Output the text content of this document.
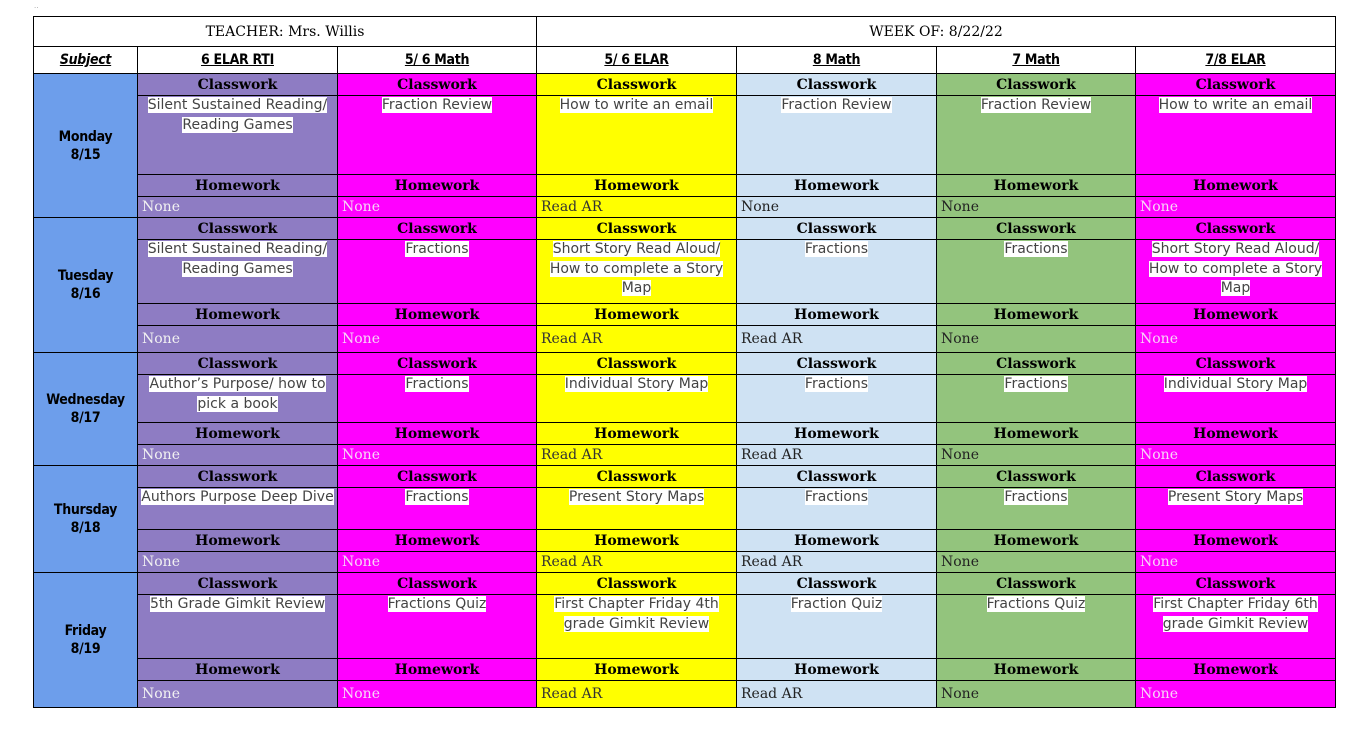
..
TEACHER: Mrs. Willis			WEEK OF: 8/22/22			
Subject	6 ELAR RTI	5/ 6 Math	5/ 6 ELAR	8 Math	7 Math	7/8 ELAR

Monday
8/15	Classwork	Classwork	Classwork	Classwork	Classwork	Classwork
	Silent Sustained Reading/ Reading Games	Fraction Review	How to write an email	Fraction Review	Fraction Review	How to write an email
	Homework	Homework	Homework	Homework	Homework	Homework
	None	None	Read AR	None	None	None

Tuesday
8/16	Classwork	Classwork	Classwork	Classwork	Classwork	Classwork
	Silent Sustained Reading/ Reading Games	Fractions	Short Story Read Aloud/ How to complete a Story Map	Fractions	Fractions	Short Story Read Aloud/ How to complete a Story Map
	Homework	Homework	Homework	Homework	Homework	Homework
	None	None	Read AR	Read AR	None	None

Wednesday
8/17	Classwork	Classwork	Classwork	Classwork	Classwork	Classwork
	Author’s Purpose/ how to pick a book	Fractions	Individual Story Map	Fractions	Fractions	Individual Story Map
	Homework	Homework	Homework	Homework	Homework	Homework
	None	None	Read AR	Read AR	None	None

Thursday
8/18	Classwork	Classwork	Classwork	Classwork	Classwork	Classwork
	Authors Purpose Deep Dive	Fractions	Present Story Maps	Fractions	Fractions	Present Story Maps
	Homework	Homework	Homework	Homework	Homework	Homework
	None	None	Read AR	Read AR	None	None

Friday
8/19	Classwork	Classwork	Classwork	Classwork	Classwork	Classwork
	5th Grade Gimkit Review	Fractions Quiz	First Chapter Friday 4th grade Gimkit Review	Fraction Quiz	Fractions Quiz	First Chapter Friday 6th grade Gimkit Review
	Homework	Homework	Homework	Homework	Homework	Homework
	None	None	Read AR	Read AR	None	None
